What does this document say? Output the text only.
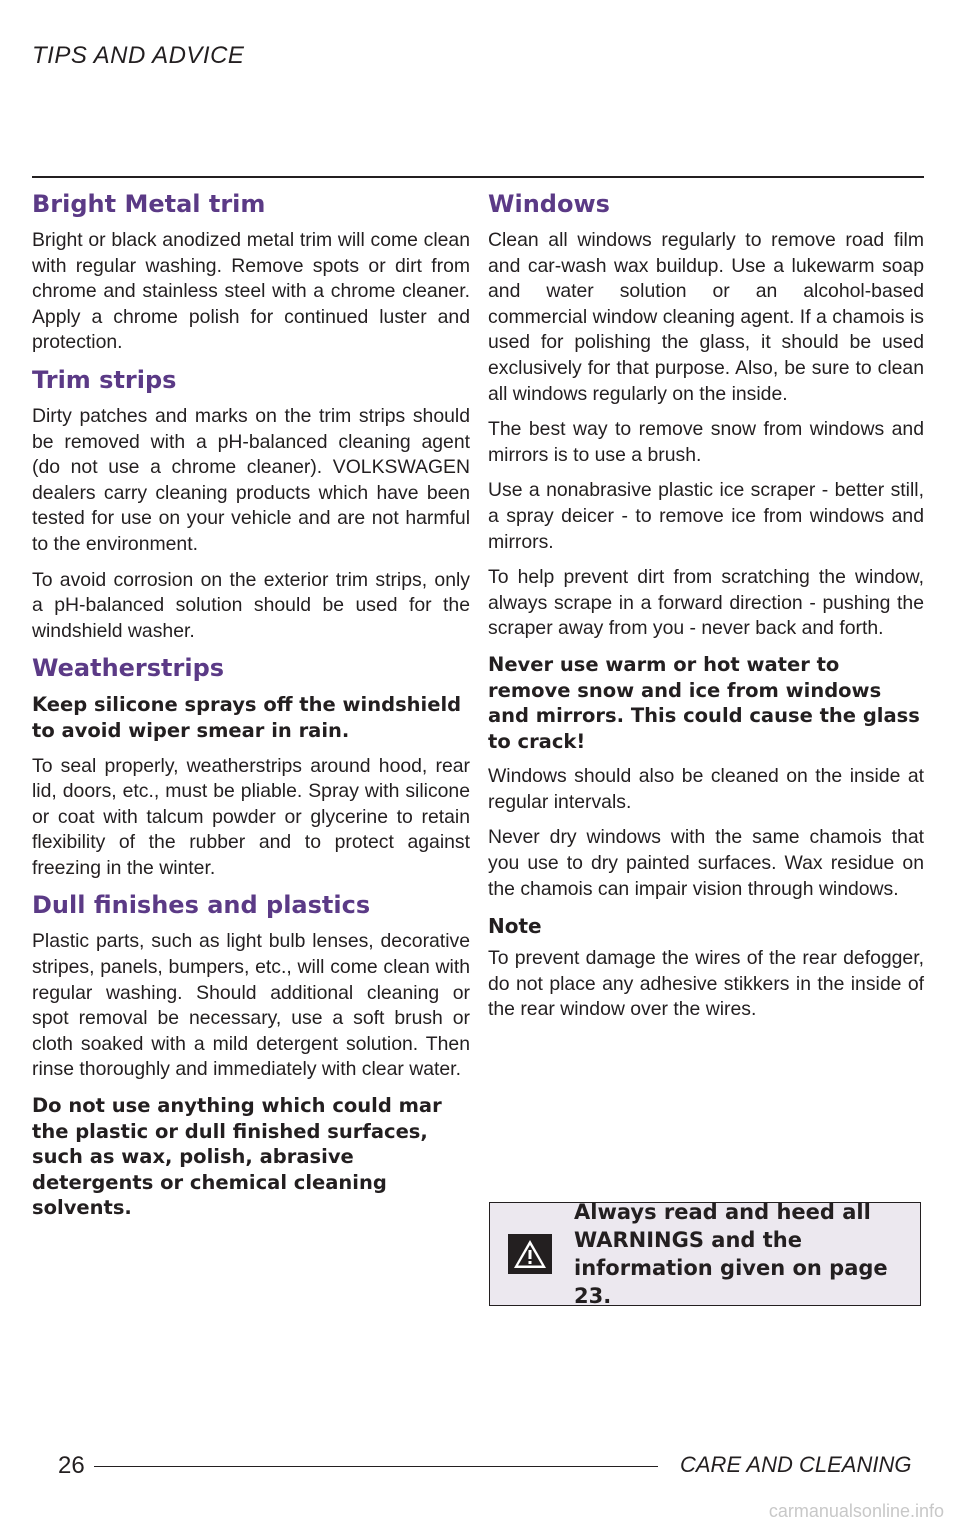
TIPS AND ADVICE
Bright Metal trim

Bright or black anodized metal trim will come clean with regular washing. Remove spots or dirt from chrome and stainless steel with a chrome cleaner. Apply a chrome polish for continued luster and protection.

Trim strips

Dirty patches and marks on the trim strips should be removed with a pH-balanced cleaning agent (do not use a chrome cleaner). VOLKSWAGEN dealers carry cleaning products which have been tested for use on your vehicle and are not harmful to the environment.

To avoid corrosion on the exterior trim strips, only a pH-balanced solution should be used for the windshield washer.

Weatherstrips

Keep silicone sprays off the windshield to avoid wiper smear in rain.

To seal properly, weatherstrips around hood, rear lid, doors, etc., must be pliable. Spray with silicone or coat with talcum powder or glycerine to retain flexibility of the rubber and to protect against freezing in the winter.

Dull finishes and plastics

Plastic parts, such as light bulb lenses, decorative stripes, panels, bumpers, etc., will come clean with regular washing. Should additional cleaning or spot removal be necessary, use a soft brush or cloth soaked with a mild detergent solution. Then rinse thoroughly and immediately with clear water.

Do not use anything which could mar the plastic or dull finished surfaces, such as wax, polish, abrasive detergents or chemical cleaning solvents.

Windows

Clean all windows regularly to remove road film and car-wash wax buildup. Use a lukewarm soap and water solution or an alcohol-based commercial window cleaning agent. If a chamois is used for polishing the glass, it should be used exclusively for that purpose. Also, be sure to clean all windows regularly on the inside.

The best way to remove snow from windows and mirrors is to use a brush.

Use a nonabrasive plastic ice scraper - better still, a spray deicer - to remove ice from windows and mirrors.

To help prevent dirt from scratching the window, always scrape in a forward direction - pushing the scraper away from you - never back and forth.

Never use warm or hot water to remove snow and ice from windows and mirrors. This could cause the glass to crack!

Windows should also be cleaned on the inside at regular intervals.

Never dry windows with the same chamois that you use to dry painted surfaces. Wax residue on the chamois can impair vision through windows.

Note

To prevent damage the wires of the rear defogger, do not place any adhesive stikkers in the inside of the rear window over the wires.

Always read and heed all WARNINGS and the information given on page 23.
26	CARE AND CLEANING
carmanualsonline.info
